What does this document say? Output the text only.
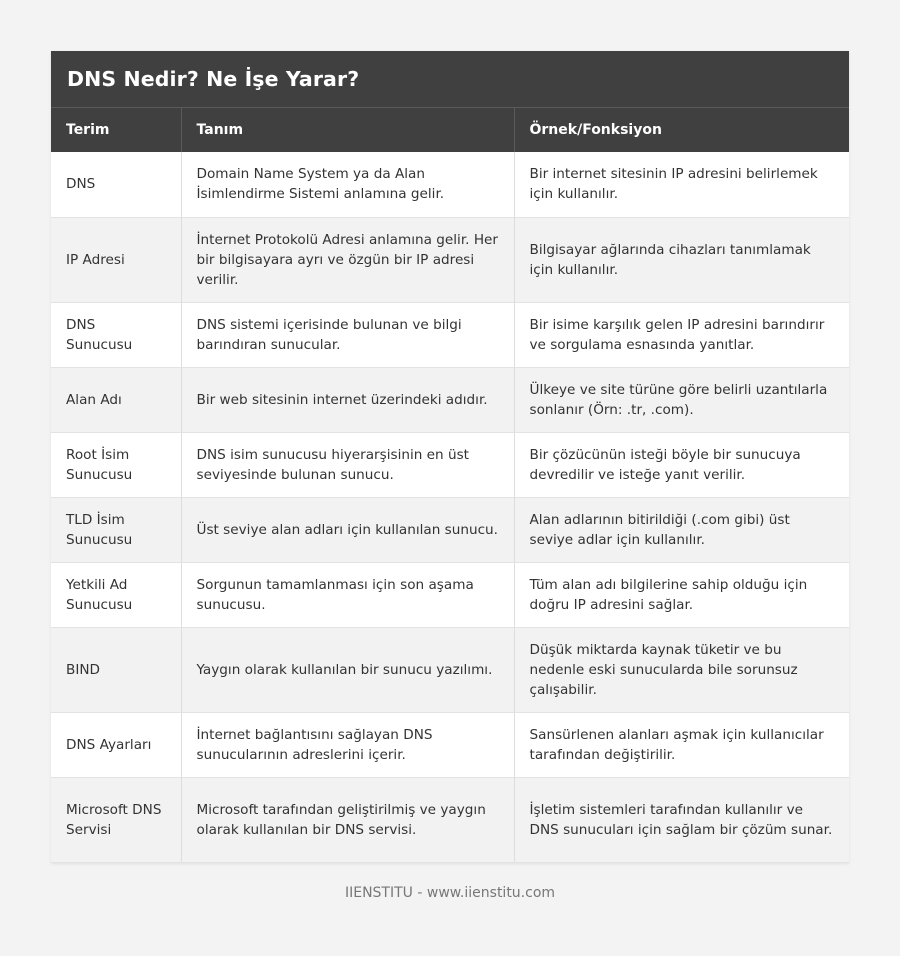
DNS Nedir? Ne İşe Yarar?
Terim	Tanım	Örnek/Fonksiyon
DNS	Domain Name System ya da Alan İsimlendirme Sistemi anlamına gelir.	Bir internet sitesinin IP adresini belirlemek için kullanılır.
IP Adresi	İnternet Protokolü Adresi anlamına gelir. Her bir bilgisayara ayrı ve özgün bir IP adresi verilir.	Bilgisayar ağlarında cihazları tanımlamak için kullanılır.
DNS Sunucusu	DNS sistemi içerisinde bulunan ve bilgi barındıran sunucular.	Bir isime karşılık gelen IP adresini barındırır ve sorgulama esnasında yanıtlar.
Alan Adı	Bir web sitesinin internet üzerindeki adıdır.	Ülkeye ve site türüne göre belirli uzantılarla sonlanır (Örn: .tr, .com).
Root İsim Sunucusu	DNS isim sunucusu hiyerarşisinin en üst seviyesinde bulunan sunucu.	Bir çözücünün isteği böyle bir sunucuya devredilir ve isteğe yanıt verilir.
TLD İsim Sunucusu	Üst seviye alan adları için kullanılan sunucu.	Alan adlarının bitirildiği (.com gibi) üst seviye adlar için kullanılır.
Yetkili Ad Sunucusu	Sorgunun tamamlanması için son aşama sunucusu.	Tüm alan adı bilgilerine sahip olduğu için doğru IP adresini sağlar.
BIND	Yaygın olarak kullanılan bir sunucu yazılımı.	Düşük miktarda kaynak tüketir ve bu nedenle eski sunucularda bile sorunsuz çalışabilir.
DNS Ayarları	İnternet bağlantısını sağlayan DNS sunucularının adreslerini içerir.	Sansürlenen alanları aşmak için kullanıcılar tarafından değiştirilir.
Microsoft DNS Servisi	Microsoft tarafından geliştirilmiş ve yaygın olarak kullanılan bir DNS servisi.	İşletim sistemleri tarafından kullanılır ve DNS sunucuları için sağlam bir çözüm sunar.
IIENSTITU - www.iienstitu.com
